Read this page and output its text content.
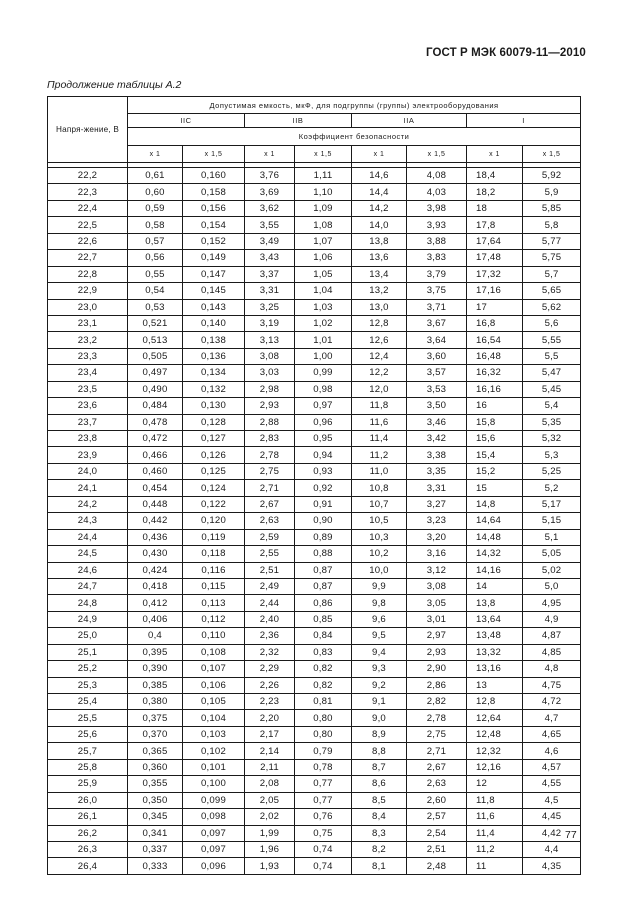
ГОСТ Р МЭК 60079-11—2010
Продолжение таблицы А.2
Напря-жение, В	Допустимая емкость, мкФ, для подгруппы (группы) электрооборудования							
	IIC		IIB		IIA		I	
	Коэффициент безопасности							
	х 1	х 1,5	х 1	х 1,5	х 1	х 1,5	х 1	х 1,5

22,2	0,61	0,160	3,76	1,11	14,6	4,08	18,4	5,92
22,3	0,60	0,158	3,69	1,10	14,4	4,03	18,2	5,9
22,4	0,59	0,156	3,62	1,09	14,2	3,98	18	5,85
22,5	0,58	0,154	3,55	1,08	14,0	3,93	17,8	5,8
22,6	0,57	0,152	3,49	1,07	13,8	3,88	17,64	5,77
22,7	0,56	0,149	3,43	1,06	13,6	3,83	17,48	5,75
22,8	0,55	0,147	3,37	1,05	13,4	3,79	17,32	5,7
22,9	0,54	0,145	3,31	1,04	13,2	3,75	17,16	5,65
23,0	0,53	0,143	3,25	1,03	13,0	3,71	17	5,62
23,1	0,521	0,140	3,19	1,02	12,8	3,67	16,8	5,6
23,2	0,513	0,138	3,13	1,01	12,6	3,64	16,54	5,55
23,3	0,505	0,136	3,08	1,00	12,4	3,60	16,48	5,5
23,4	0,497	0,134	3,03	0,99	12,2	3,57	16,32	5,47
23,5	0,490	0,132	2,98	0,98	12,0	3,53	16,16	5,45
23,6	0,484	0,130	2,93	0,97	11,8	3,50	16	5,4
23,7	0,478	0,128	2,88	0,96	11,6	3,46	15,8	5,35
23,8	0,472	0,127	2,83	0,95	11,4	3,42	15,6	5,32
23,9	0,466	0,126	2,78	0,94	11,2	3,38	15,4	5,3
24,0	0,460	0,125	2,75	0,93	11,0	3,35	15,2	5,25
24,1	0,454	0,124	2,71	0,92	10,8	3,31	15	5,2
24,2	0,448	0,122	2,67	0,91	10,7	3,27	14,8	5,17
24,3	0,442	0,120	2,63	0,90	10,5	3,23	14,64	5,15
24,4	0,436	0,119	2,59	0,89	10,3	3,20	14,48	5,1
24,5	0,430	0,118	2,55	0,88	10,2	3,16	14,32	5,05
24,6	0,424	0,116	2,51	0,87	10,0	3,12	14,16	5,02
24,7	0,418	0,115	2,49	0,87	9,9	3,08	14	5,0
24,8	0,412	0,113	2,44	0,86	9,8	3,05	13,8	4,95
24,9	0,406	0,112	2,40	0,85	9,6	3,01	13,64	4,9
25,0	0,4	0,110	2,36	0,84	9,5	2,97	13,48	4,87
25,1	0,395	0,108	2,32	0,83	9,4	2,93	13,32	4,85
25,2	0,390	0,107	2,29	0,82	9,3	2,90	13,16	4,8
25,3	0,385	0,106	2,26	0,82	9,2	2,86	13	4,75
25,4	0,380	0,105	2,23	0,81	9,1	2,82	12,8	4,72
25,5	0,375	0,104	2,20	0,80	9,0	2,78	12,64	4,7
25,6	0,370	0,103	2,17	0,80	8,9	2,75	12,48	4,65
25,7	0,365	0,102	2,14	0,79	8,8	2,71	12,32	4,6
25,8	0,360	0,101	2,11	0,78	8,7	2,67	12,16	4,57
25,9	0,355	0,100	2,08	0,77	8,6	2,63	12	4,55
26,0	0,350	0,099	2,05	0,77	8,5	2,60	11,8	4,5
26,1	0,345	0,098	2,02	0,76	8,4	2,57	11,6	4,45
26,2	0,341	0,097	1,99	0,75	8,3	2,54	11,4	4,42
26,3	0,337	0,097	1,96	0,74	8,2	2,51	11,2	4,4
26,4	0,333	0,096	1,93	0,74	8,1	2,48	11	4,35
77
